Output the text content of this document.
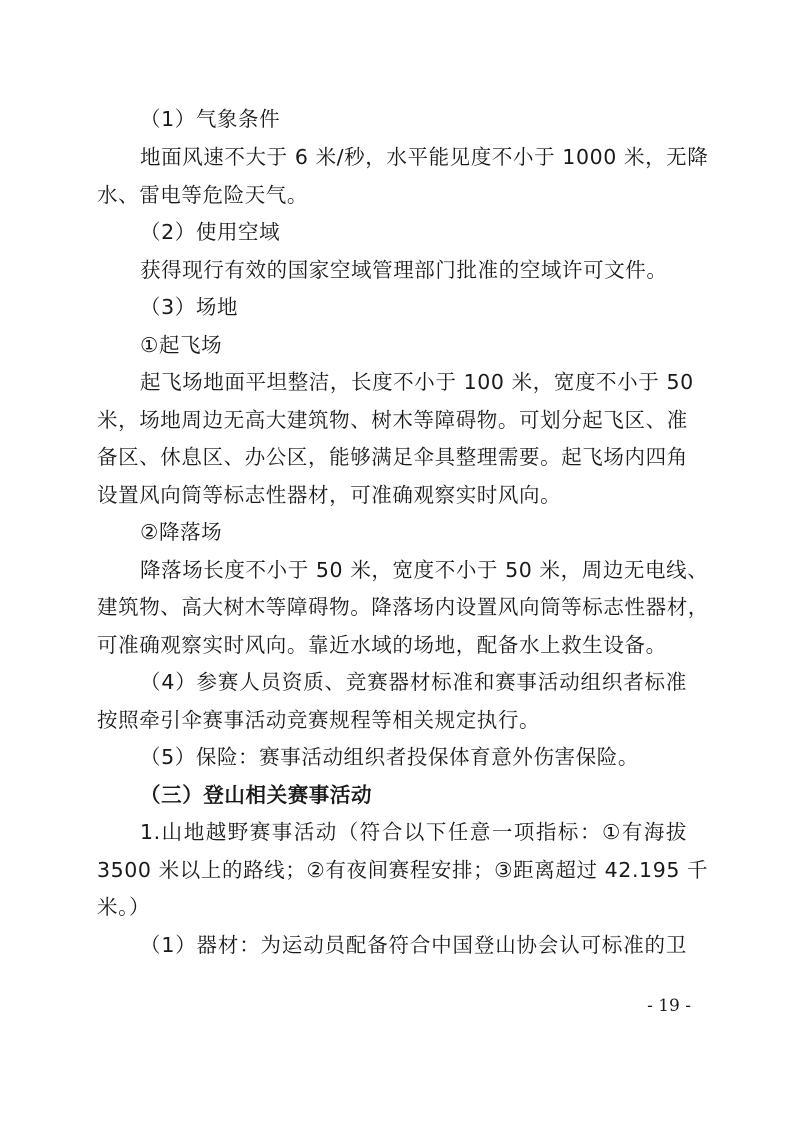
（1）气象条件
地面风速不大于 6 米/秒，水平能见度不小于 1000 米，无降
水、雷电等危险天气。
（2）使用空域
获得现行有效的国家空域管理部门批准的空域许可文件。
（3）场地
①起飞场
起飞场地面平坦整洁，长度不小于 100 米，宽度不小于 50
米，场地周边无高大建筑物、树木等障碍物。可划分起飞区、准
备区、休息区、办公区，能够满足伞具整理需要。起飞场内四角
设置风向筒等标志性器材，可准确观察实时风向。
②降落场
降落场长度不小于 50 米，宽度不小于 50 米，周边无电线、
建筑物、高大树木等障碍物。降落场内设置风向筒等标志性器材，
可准确观察实时风向。靠近水域的场地，配备水上救生设备。
（4）参赛人员资质、竞赛器材标准和赛事活动组织者标准
按照牵引伞赛事活动竞赛规程等相关规定执行。
（5）保险：赛事活动组织者投保体育意外伤害保险。
（三）登山相关赛事活动
1.山地越野赛事活动（符合以下任意一项指标：①有海拔
3500 米以上的路线；②有夜间赛程安排；③距离超过 42.195 千
米。）
（1）器材：为运动员配备符合中国登山协会认可标准的卫
- 19 -
